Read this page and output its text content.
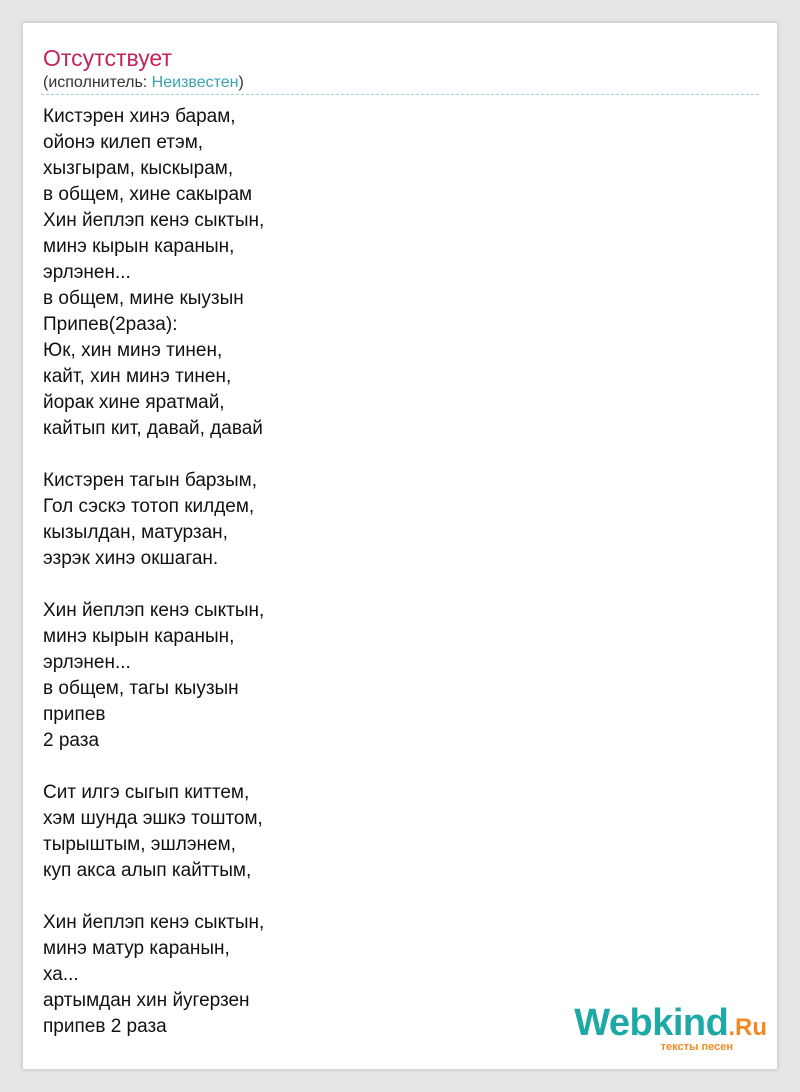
Отсутствует
(исполнитель: Неизвестен)
Кистэрен хинэ барам,
ойонэ килеп етэм,
хызгырам, кыскырам,
в общем, хине сакырам
Хин йеплэп кенэ сыктын,
минэ кырын каранын,
эрлэнен...
в общем, мине кыузын
Припев(2раза):
Юк, хин минэ тинен,
кайт, хин минэ тинен,
йорак хине яратмай,
кайтып кит, давай, давай
Кистэрен тагын барзым,
Гол сэскэ тотоп килдем,
кызылдан, матурзан,
эзрэк хинэ окшаган.
Хин йеплэп кенэ сыктын,
минэ кырын каранын,
эрлэнен...
в общем, тагы кыузын
припев
2 раза
Сит илгэ сыгып киттем,
хэм шунда эшкэ тоштом,
тырыштым, эшлэнем,
куп акса алып кайттым,
Хин йеплэп кенэ сыктын,
минэ матур каранын,
ха...
артымдан хин йугерзен
припев 2 раза	Webkind.Ru
тексты песен
